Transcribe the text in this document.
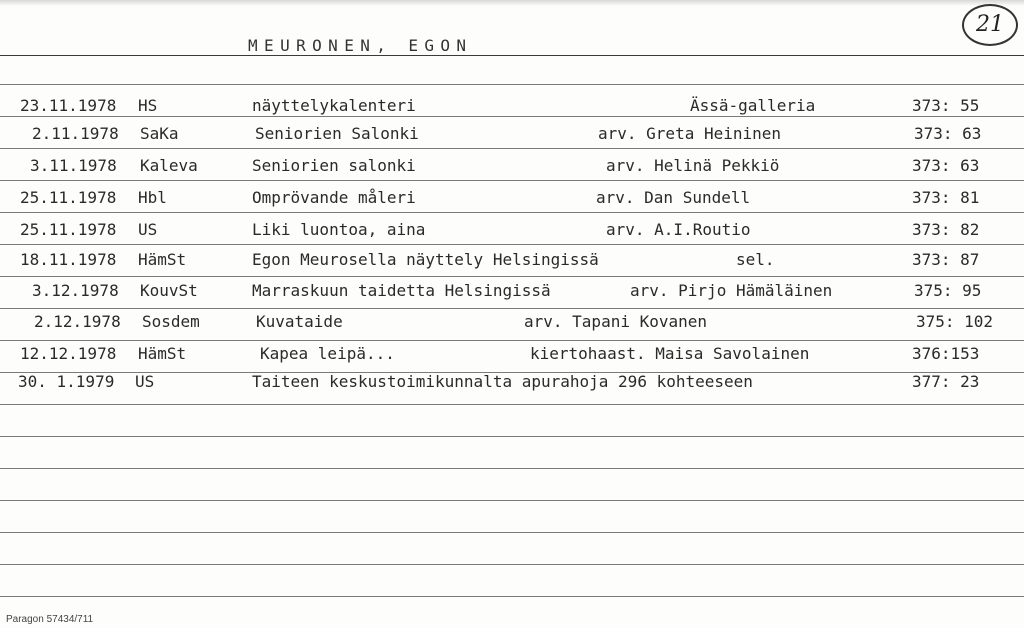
MEURONEN, EGON
21
23.11.1978 HS	näyttelykalenteri	Ässä-galleria	373: 55
2.11.1978 SaKa	Seniorien Salonki	arv. Greta Heininen	373: 63
3.11.1978 Kaleva	Seniorien salonki	arv. Helinä Pekkiö	373: 63
25.11.1978 Hbl	Omprövande måleri	arv. Dan Sundell	373: 81
25.11.1978 US	Liki luontoa, aina	arv. A.I.Routio	373: 82
18.11.1978 HämSt	Egon Meurosella näyttely Helsingissä	sel.	373: 87
3.12.1978 KouvSt	Marraskuun taidetta Helsingissä	arv. Pirjo Hämäläinen	375: 95
2.12.1978 Sosdem	Kuvataide	arv. Tapani Kovanen	375: 102
12.12.1978 HämSt	Kapea leipä...	kiertohaast. Maisa Savolainen	376:153
30. 1.1979 US	Taiteen keskustoimikunnalta apurahoja 296 kohteeseen	377: 23
Paragon 57434/711
